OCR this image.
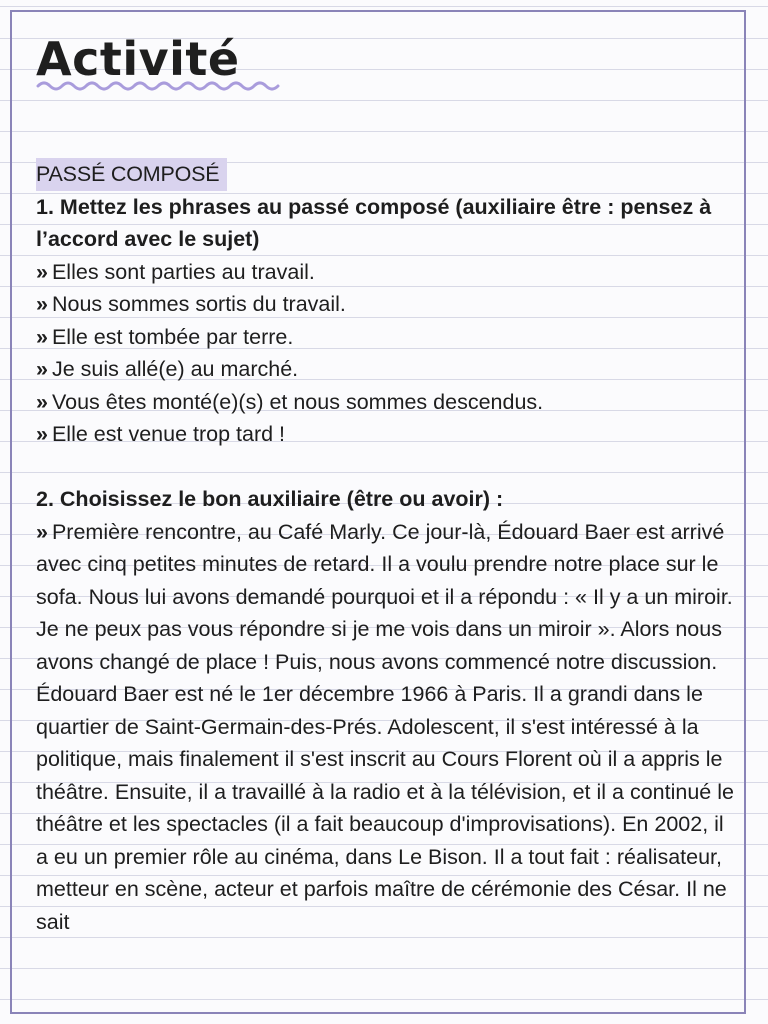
Activité
PASSÉ COMPOSÉ
1. Mettez les phrases au passé composé (auxiliaire être : pensez à l’accord avec le sujet)
» Elles sont parties au travail.
» Nous sommes sortis du travail.
» Elle est tombée par terre.
» Je suis allé(e) au marché.
» Vous êtes monté(e)(s) et nous sommes descendus.
» Elle est venue trop tard !
2. Choisissez le bon auxiliaire (être ou avoir) :
» Première rencontre, au Café Marly. Ce jour-là, Édouard Baer est arrivé avec cinq petites minutes de retard. Il a voulu prendre notre place sur le sofa. Nous lui avons demandé pourquoi et il a répondu : « Il y a un miroir. Je ne peux pas vous répondre si je me vois dans un miroir ». Alors nous avons changé de place ! Puis, nous avons commencé notre discussion. Édouard Baer est né le 1er décembre 1966 à Paris. Il a grandi dans le quartier de Saint-Germain-des-Prés. Adolescent, il s'est intéressé à la politique, mais finalement il s'est inscrit au Cours Florent où il a appris le théâtre. Ensuite, il a travaillé à la radio et à la télévision, et il a continué le théâtre et les spectacles (il a fait beaucoup d'improvisations). En 2002, il a eu un premier rôle au cinéma, dans Le Bison. Il a tout fait : réalisateur, metteur en scène, acteur et parfois maître de cérémonie des César. Il ne sait
